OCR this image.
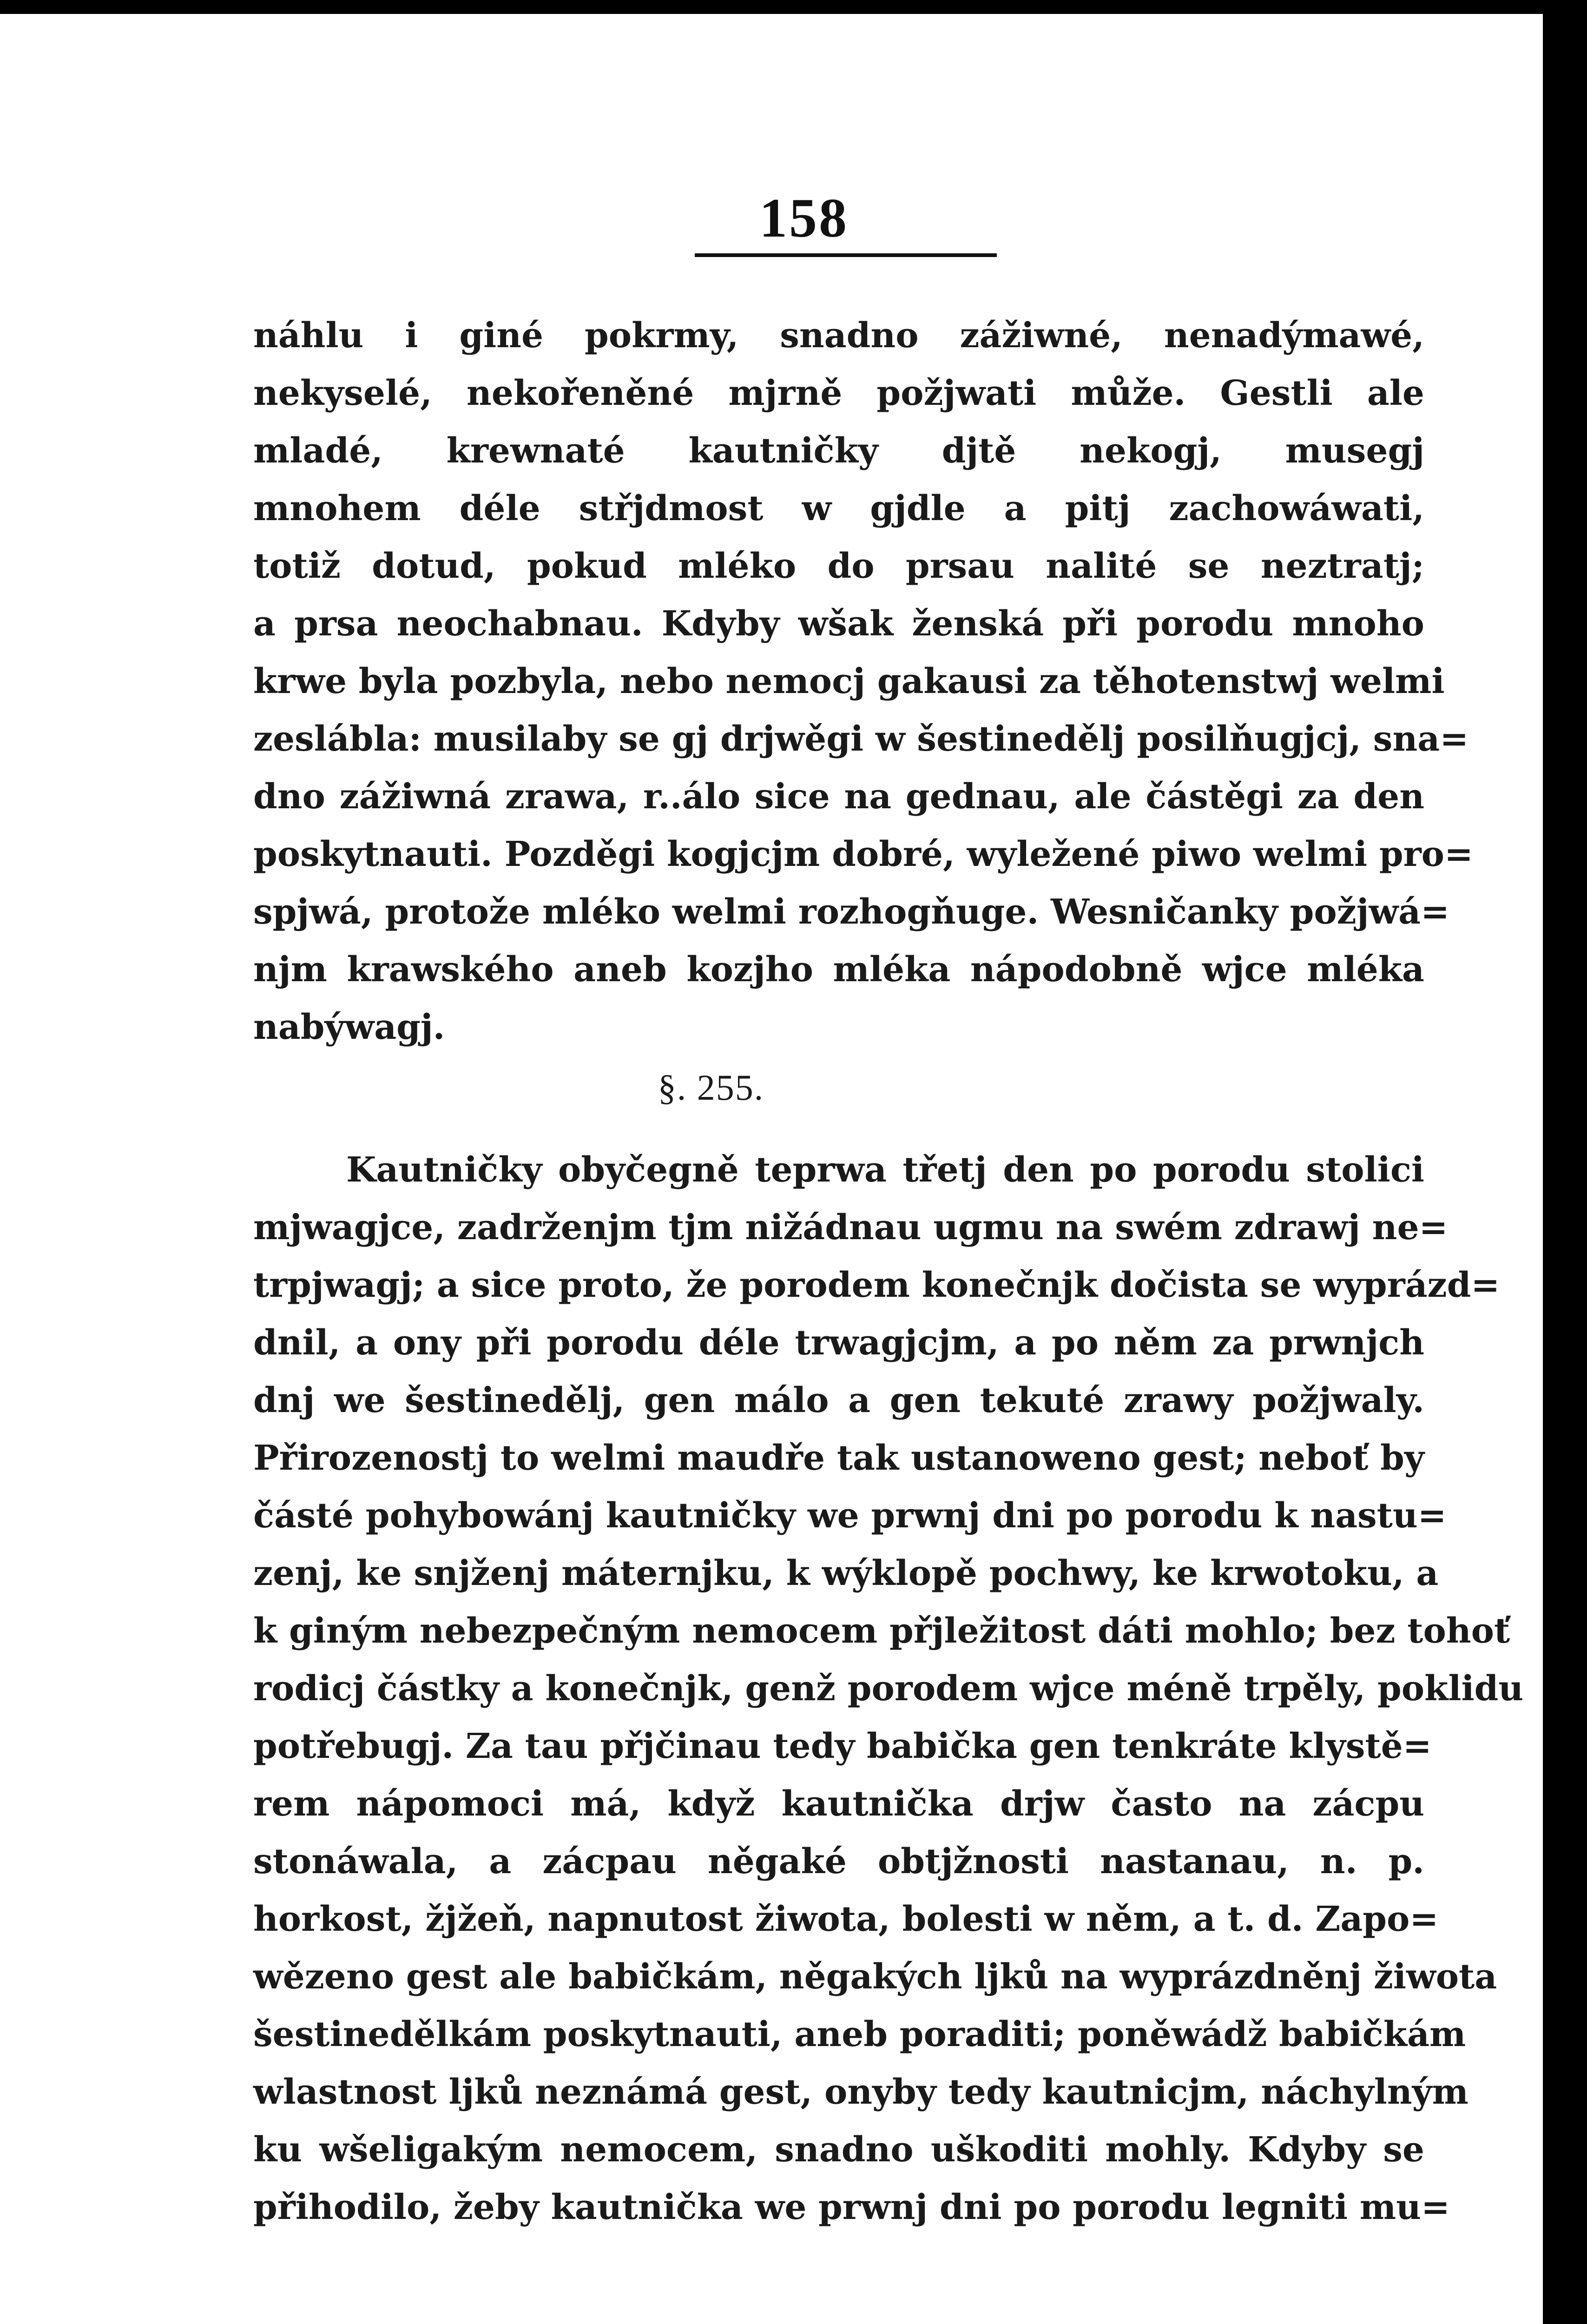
158
náhlu i giné pokrmy, snadno zážiwné, nenadýmawé,
nekyselé, nekořeněné mjrně požjwati může. Gestli ale
mladé, krewnaté kautničky djtě nekogj, musegj
mnohem déle střjdmost w gjdle a pitj zachowáwati,
totiž dotud, pokud mléko do prsau nalité se neztratj;
a prsa neochabnau. Kdyby wšak ženská při porodu mnoho
krwe byla pozbyla, nebo nemocj gakausi za těhotenstwj welmi
zeslábla: musilaby se gj drjwěgi w šestinedělj posilňugjcj, sna=
dno zážiwná zrawa, r..álo sice na gednau, ale částěgi za den
poskytnauti. Pozděgi kogjcjm dobré, wyležené piwo welmi pro=
spjwá, protože mléko welmi rozhogňuge. Wesničanky požjwá=
njm krawského aneb kozjho mléka nápodobně wjce mléka
nabýwagj.
§. 255.
Kautničky obyčegně teprwa třetj den po porodu stolici
mjwagjce, zadrženjm tjm nižádnau ugmu na swém zdrawj ne=
trpjwagj; a sice proto, že porodem konečnjk dočista se wyprázd=
dnil, a ony při porodu déle trwagjcjm, a po něm za prwnjch
dnj we šestinedělj, gen málo a gen tekuté zrawy požjwaly.
Přirozenostj to welmi maudře tak ustanoweno gest; neboť by
částé pohybowánj kautničky we prwnj dni po porodu k nastu=
zenj, ke snjženj máternjku, k wýklopě pochwy, ke krwotoku, a
k giným nebezpečným nemocem přjležitost dáti mohlo; bez tohoť
rodicj částky a konečnjk, genž porodem wjce méně trpěly, poklidu
potřebugj. Za tau přjčinau tedy babička gen tenkráte klystě=
rem nápomoci má, když kautnička drjw často na zácpu
stonáwala, a zácpau něgaké obtjžnosti nastanau, n. p.
horkost, žjžeň, napnutost žiwota, bolesti w něm, a t. d. Zapo=
wězeno gest ale babičkám, něgakých ljků na wyprázdněnj žiwota
šestinedělkám poskytnauti, aneb poraditi; poněwádž babičkám
wlastnost ljků neznámá gest, onyby tedy kautnicjm, náchylným
ku wšeligakým nemocem, snadno uškoditi mohly. Kdyby se
přihodilo, žeby kautnička we prwnj dni po porodu legniti mu=
